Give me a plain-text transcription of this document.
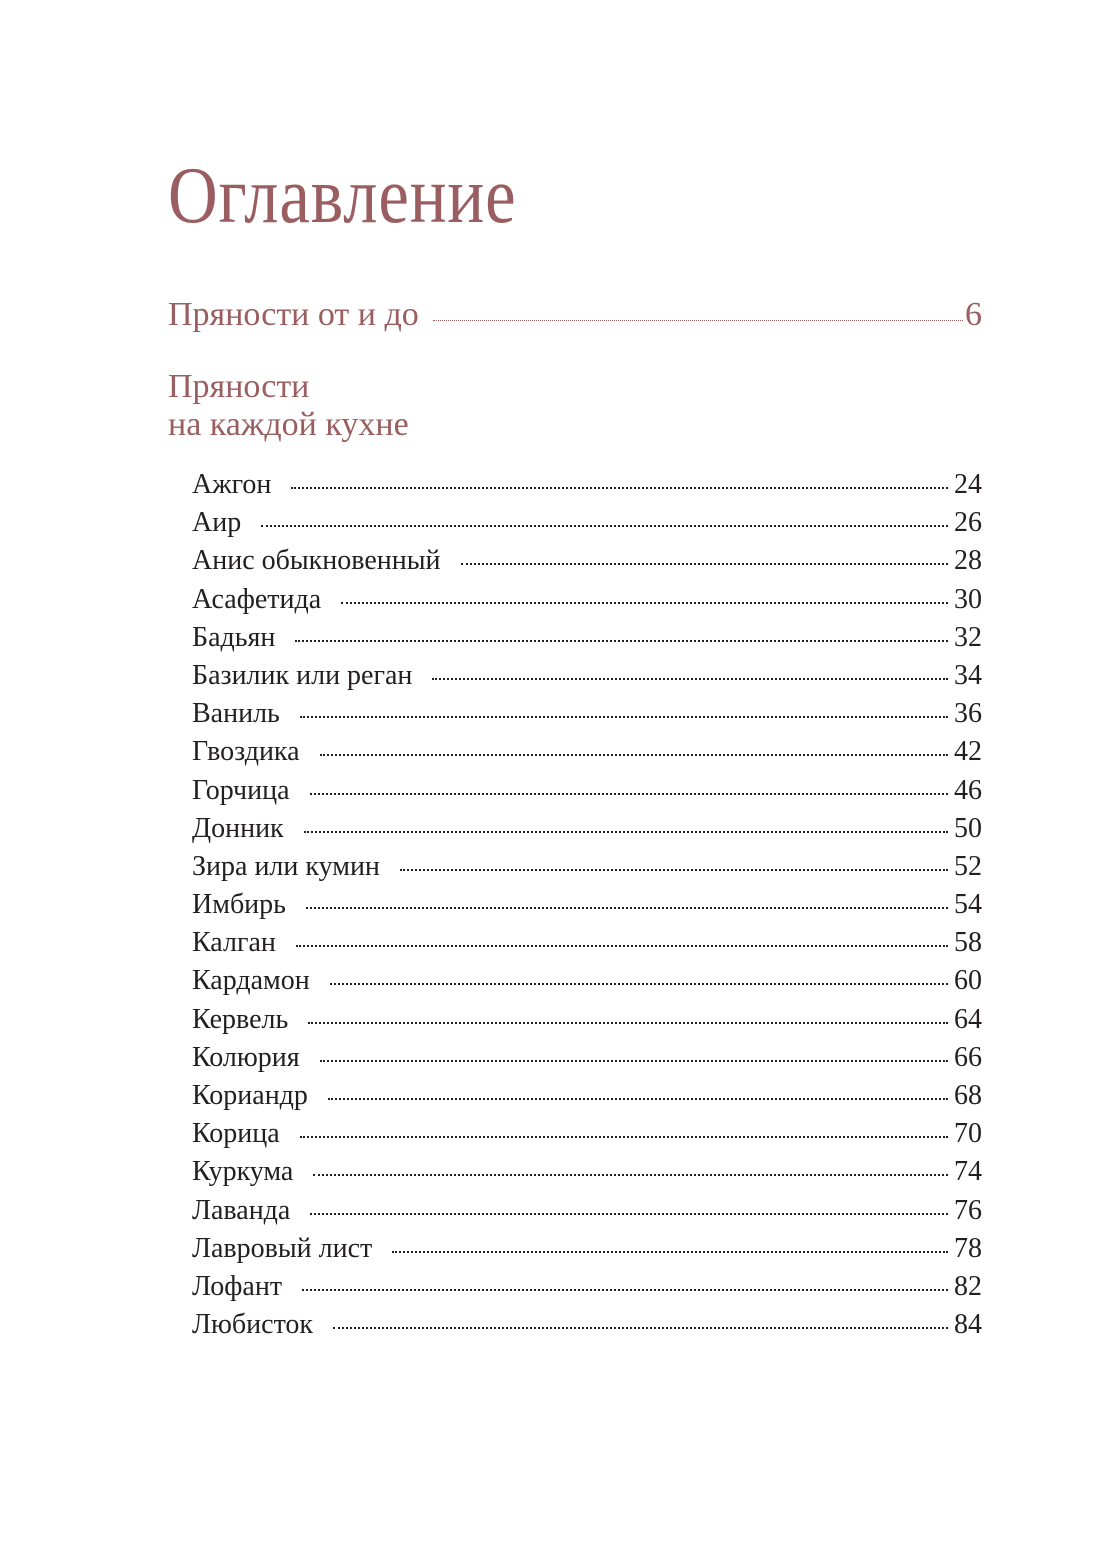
Оглавление
Пряности от и до	6
Пряности
на каждой кухне
Ажгон	24
Аир	26
Анис обыкновенный	28
Асафетида	30
Бадьян	32
Базилик или реган	34
Ваниль	36
Гвоздика	42
Горчица	46
Донник	50
Зира или кумин	52
Имбирь	54
Калган	58
Кардамон	60
Кервель	64
Колюрия	66
Кориандр	68
Корица	70
Куркума	74
Лаванда	76
Лавровый лист	78
Лофант	82
Любисток	84
